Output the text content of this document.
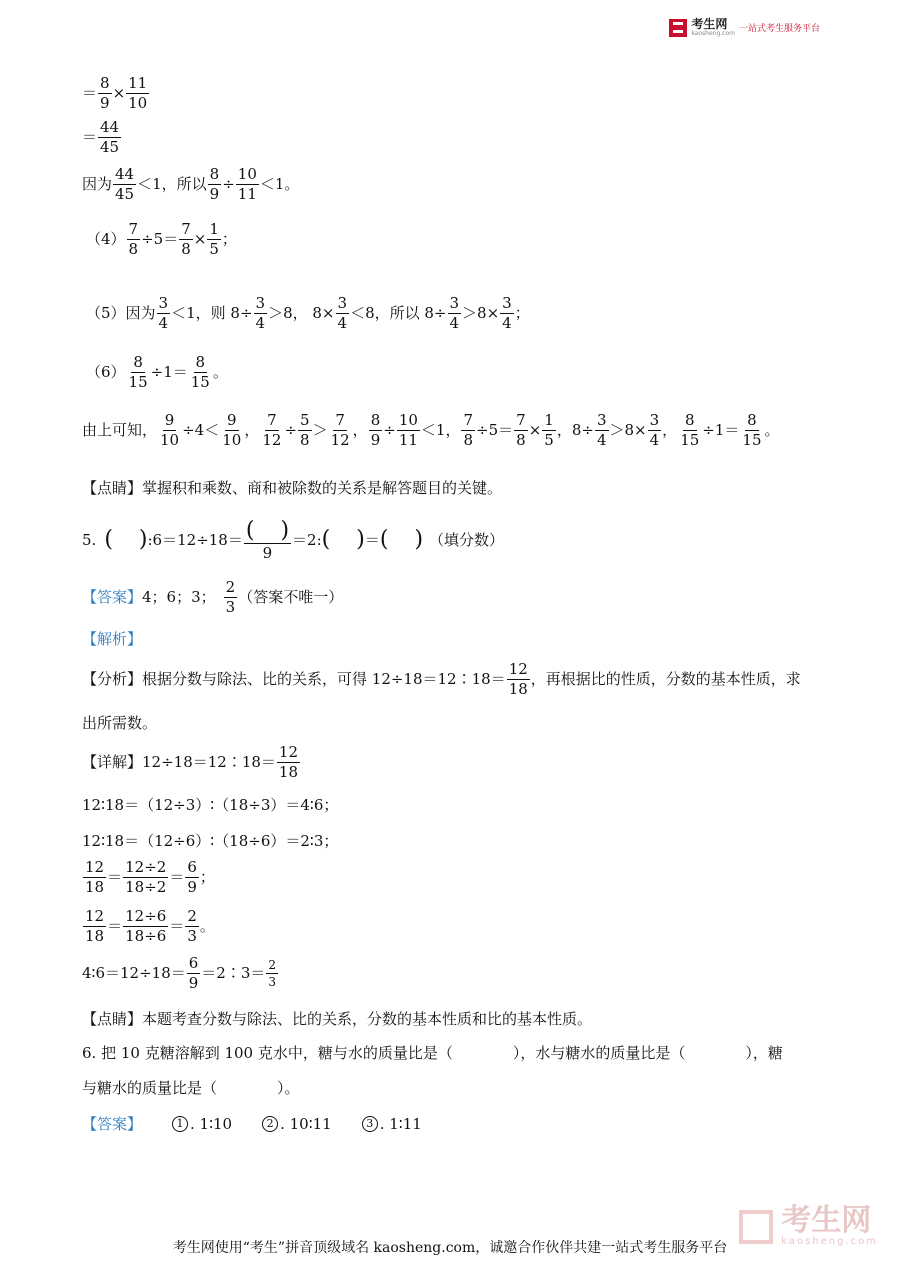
考生网
kaosheng.com 一站式考生服务平台
＝ $\frac{8}{9} \times \frac{11}{10}$
＝
44
45
因为
44
45
＜1，所以 $\frac{8}{9} \div \frac{10}{11} <1$。
$(4) \frac{7}{8} \div 5= \frac{7}{8} \times \frac{1}{5}$ ；
（5）因为
3
4
＜1，则 $8\div \frac{3}{4} >8$， $8\times \frac{3}{4} <8$，所以 $8\div \frac{3}{4} >8\times \frac{3}{4}$ ；
$(6) \frac{8}{15} \div 1=$
8
15
。
由上可知， $\frac{9}{10} \div 4<$
9
10
， $\frac{7}{12} \div \frac{5}{8}$ ＞
7
12
， $\frac{8}{9} \div \frac{10}{11} <1$ ， $\frac{7}{8} \div 5= \frac{7}{8} \times \frac{1}{5}$ ， $8\div \frac{3}{4} >8\times \frac{3}{4}$ ， $\frac{8}{15} \div 1=$
8
15
。
【点睛】掌握积和乘数、商和被除数的关系是解答题目的关键。
5. ( ) :6＝12÷18＝ ( )
9
＝2: ( ) ＝ ( ) （填分数）
【答案】 4；6；3；
2
3
（答案不唯一）
【解析】
【分析】根据分数与除法、比的关系，可得 12÷18＝12∶18＝
12
18
，再根据比的性质，分数的基本性质，求
出所需数。
【详解】12÷18＝12∶18＝
12
18
12∶18＝（12÷3）∶（18÷3）＝4∶6；
12∶18＝（12÷6）∶（18÷6）＝2∶3；
12
18
＝
12÷2
18÷2
＝
6
9
；
12
18
＝
12÷6
18÷6
＝
2
3
。
4∶6＝12÷18＝
6
9
＝2∶3＝ 2
3
【点睛】本题考查分数与除法、比的关系，分数的基本性质和比的基本性质。
6. 把 10 克糖溶解到 100 克水中，糖与水的质量比是（　　　　），水与糖水的质量比是（　　　　），糖
与糖水的质量比是（　　　　）。
【答案】	1 . 1∶10	2 . 10∶11	3 . 1∶11
考生网
kaosheng.com
考生网使用“考生”拼音顶级域名 kaosheng.com，诚邀合作伙伴共建一站式考生服务平台
